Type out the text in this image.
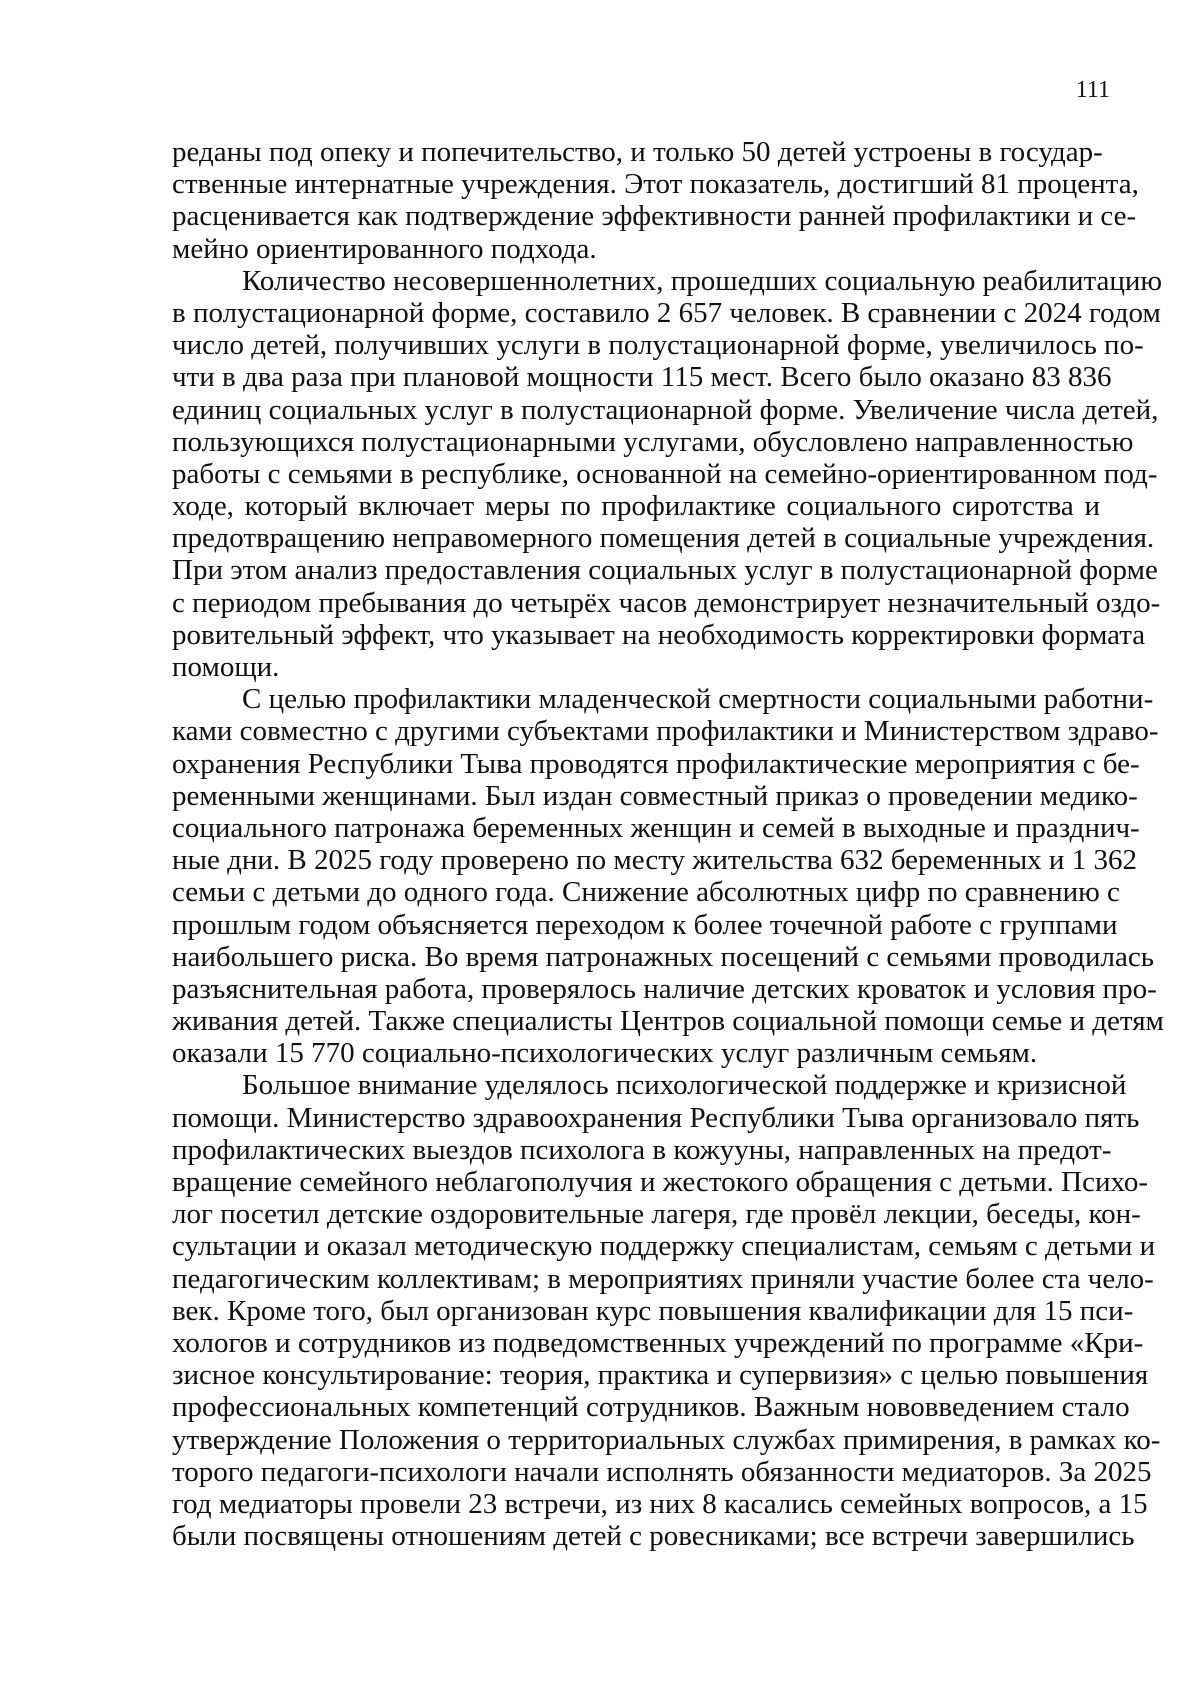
111
реданы под опеку и попечительство, и только 50 детей устроены в государ-
ственные интернатные учреждения. Этот показатель, достигший 81 процента,
расценивается как подтверждение эффективности ранней профилактики и се-
мейно ориентированного подхода.
Количество несовершеннолетних, прошедших социальную реабилитацию
в полустационарной форме, составило 2 657 человек. В сравнении с 2024 годом
число детей, получивших услуги в полустационарной форме, увеличилось по-
чти в два раза при плановой мощности 115 мест. Всего было оказано 83 836
единиц социальных услуг в полустационарной форме. Увеличение числа детей,
пользующихся полустационарными услугами, обусловлено направленностью
работы с семьями в республике, основанной на семейно-ориентированном под-
ходе, который включает меры по профилактике социального сиротства и
предотвращению неправомерного помещения детей в социальные учреждения.
При этом анализ предоставления социальных услуг в полустационарной форме
с периодом пребывания до четырёх часов демонстрирует незначительный оздо-
ровительный эффект, что указывает на необходимость корректировки формата
помощи.
С целью профилактики младенческой смертности социальными работни-
ками совместно с другими субъектами профилактики и Министерством здраво-
охранения Республики Тыва проводятся профилактические мероприятия с бе-
ременными женщинами. Был издан совместный приказ о проведении медико-
социального патронажа беременных женщин и семей в выходные и празднич-
ные дни. В 2025 году проверено по месту жительства 632 беременных и 1 362
семьи с детьми до одного года. Снижение абсолютных цифр по сравнению с
прошлым годом объясняется переходом к более точечной работе с группами
наибольшего риска. Во время патронажных посещений с семьями проводилась
разъяснительная работа, проверялось наличие детских кроваток и условия про-
живания детей. Также специалисты Центров социальной помощи семье и детям
оказали 15 770 социально-психологических услуг различным семьям.
Большое внимание уделялось психологической поддержке и кризисной
помощи. Министерство здравоохранения Республики Тыва организовало пять
профилактических выездов психолога в кожууны, направленных на предот-
вращение семейного неблагополучия и жестокого обращения с детьми. Психо-
лог посетил детские оздоровительные лагеря, где провёл лекции, беседы, кон-
сультации и оказал методическую поддержку специалистам, семьям с детьми и
педагогическим коллективам; в мероприятиях приняли участие более ста чело-
век. Кроме того, был организован курс повышения квалификации для 15 пси-
хологов и сотрудников из подведомственных учреждений по программе «Кри-
зисное консультирование: теория, практика и супервизия» с целью повышения
профессиональных компетенций сотрудников. Важным нововведением стало
утверждение Положения о территориальных службах примирения, в рамках ко-
торого педагоги-психологи начали исполнять обязанности медиаторов. За 2025
год медиаторы провели 23 встречи, из них 8 касались семейных вопросов, а 15
были посвящены отношениям детей с ровесниками; все встречи завершились
